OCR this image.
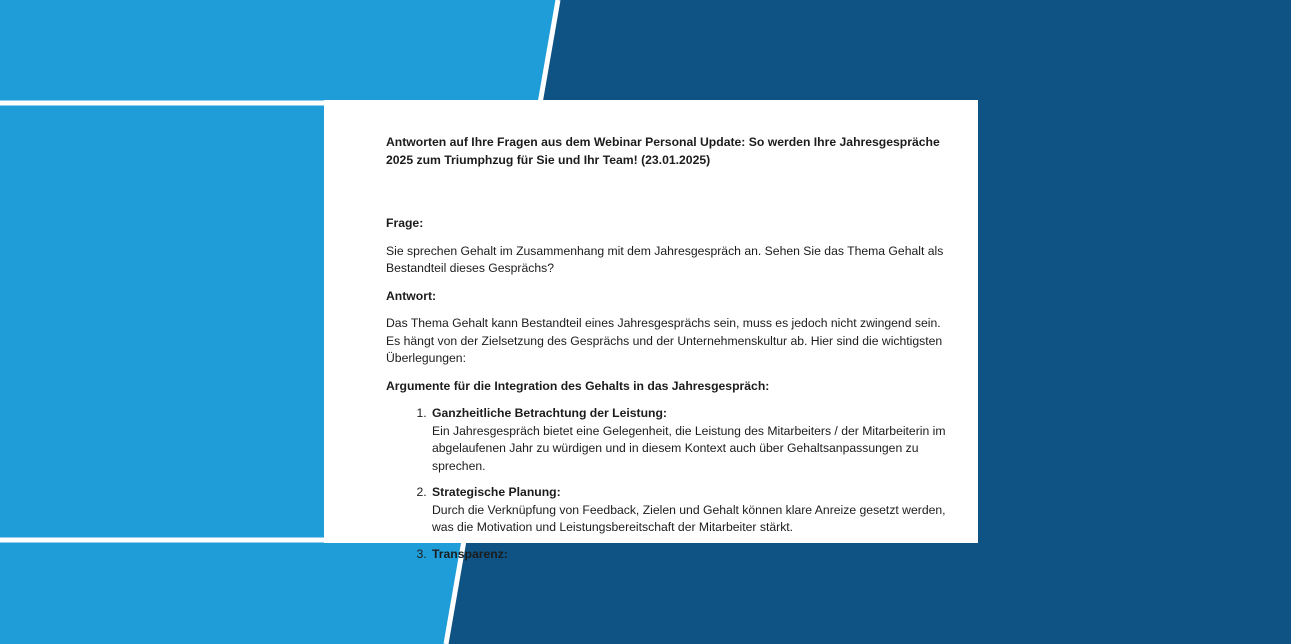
Antworten auf Ihre Fragen aus dem Webinar Personal Update: So werden Ihre Jahresgespräche 2025 zum Triumphzug für Sie und Ihr Team! (23.01.2025)

Frage:

Sie sprechen Gehalt im Zusammenhang mit dem Jahresgespräch an. Sehen Sie das Thema Gehalt als Bestandteil dieses Gesprächs?

Antwort:

Das Thema Gehalt kann Bestandteil eines Jahresgesprächs sein, muss es jedoch nicht zwingend sein. Es hängt von der Zielsetzung des Gesprächs und der Unternehmenskultur ab. Hier sind die wichtigsten Überlegungen:

Argumente für die Integration des Gehalts in das Jahresgespräch:

1. Ganzheitliche Betrachtung der Leistung:
Ein Jahresgespräch bietet eine Gelegenheit, die Leistung des Mitarbeiters / der Mitarbeiterin im abgelaufenen Jahr zu würdigen und in diesem Kontext auch über Gehaltsanpassungen zu sprechen.
2. Strategische Planung:
Durch die Verknüpfung von Feedback, Zielen und Gehalt können klare Anreize gesetzt werden, was die Motivation und Leistungsbereitschaft der Mitarbeiter stärkt.
3. Transparenz:
